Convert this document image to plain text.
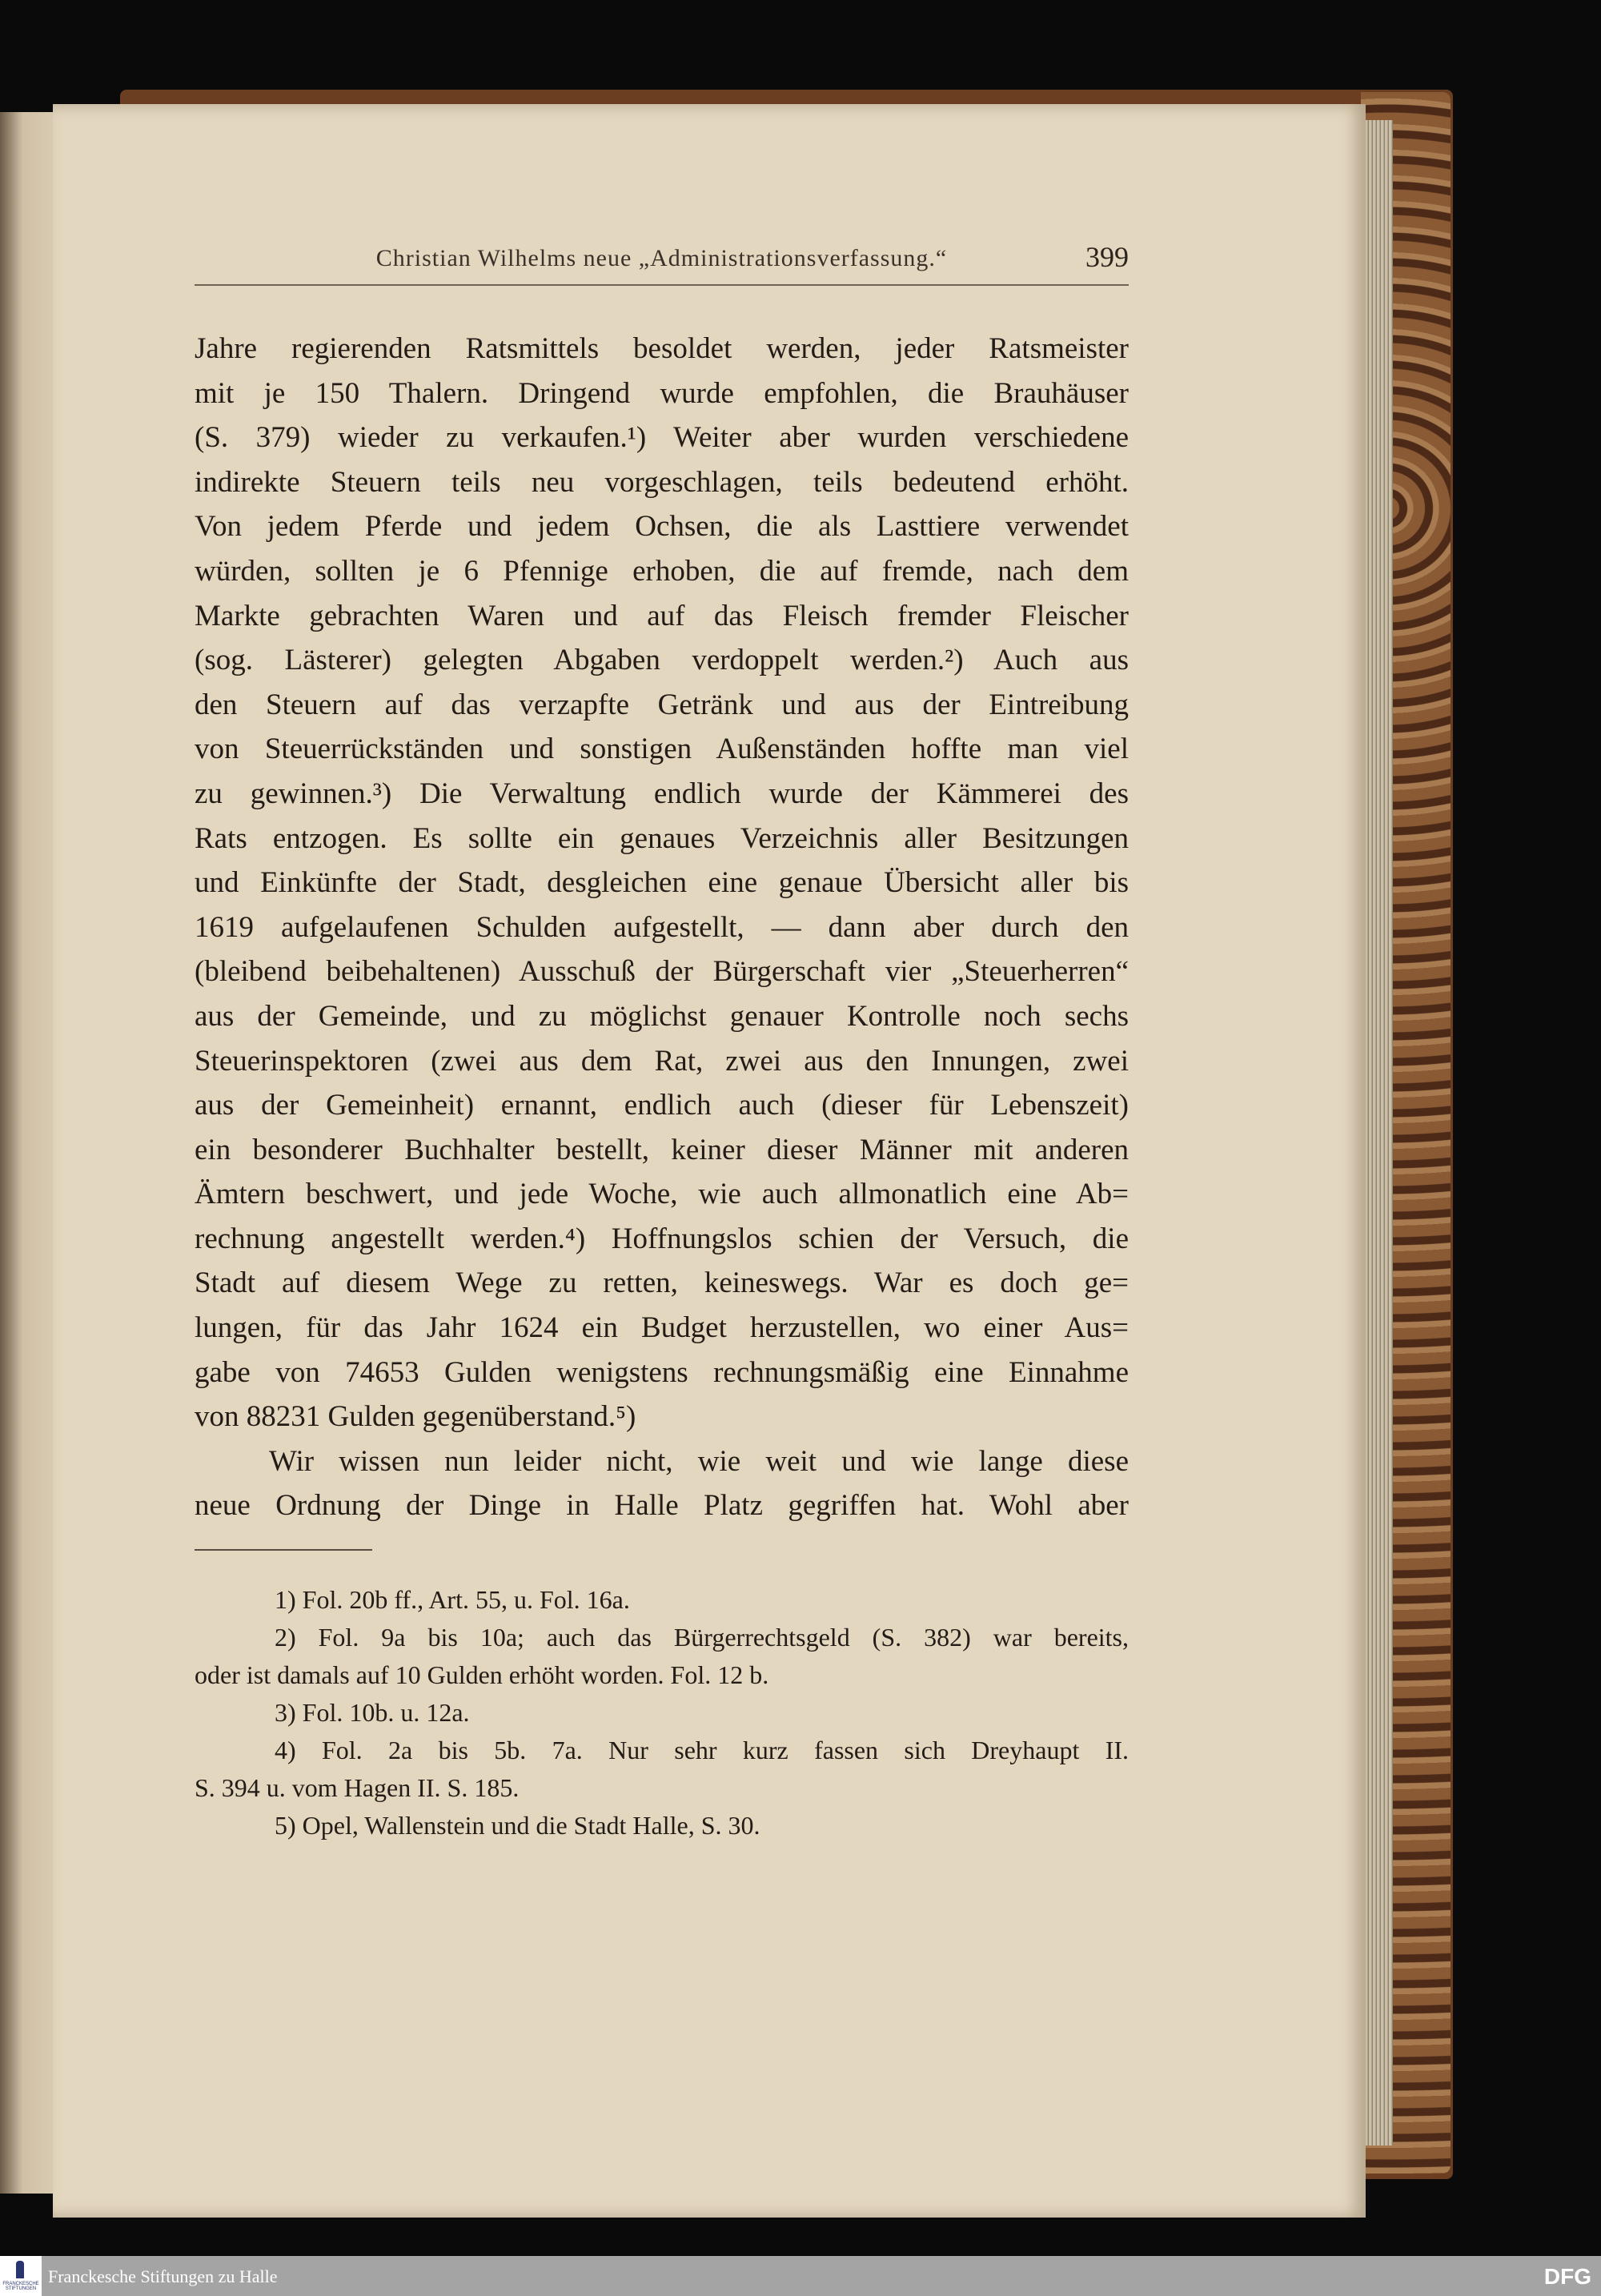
Christian Wilhelms neue „Administrationsverfassung.“	399
Jahre regierenden Ratsmittels besoldet werden, jeder Ratsmeister
mit je 150 Thalern. Dringend wurde empfohlen, die Brauhäuser
(S. 379) wieder zu verkaufen.¹) Weiter aber wurden verschiedene
indirekte Steuern teils neu vorgeschlagen, teils bedeutend erhöht.
Von jedem Pferde und jedem Ochsen, die als Lasttiere verwendet
würden, sollten je 6 Pfennige erhoben, die auf fremde, nach dem
Markte gebrachten Waren und auf das Fleisch fremder Fleischer
(sog. Lästerer) gelegten Abgaben verdoppelt werden.²) Auch aus
den Steuern auf das verzapfte Getränk und aus der Eintreibung
von Steuerrückständen und sonstigen Außenständen hoffte man viel
zu gewinnen.³) Die Verwaltung endlich wurde der Kämmerei des
Rats entzogen. Es sollte ein genaues Verzeichnis aller Besitzungen
und Einkünfte der Stadt, desgleichen eine genaue Übersicht aller bis
1619 aufgelaufenen Schulden aufgestellt, — dann aber durch den
(bleibend beibehaltenen) Ausschuß der Bürgerschaft vier „Steuerherren“
aus der Gemeinde, und zu möglichst genauer Kontrolle noch sechs
Steuerinspektoren (zwei aus dem Rat, zwei aus den Innungen, zwei
aus der Gemeinheit) ernannt, endlich auch (dieser für Lebenszeit)
ein besonderer Buchhalter bestellt, keiner dieser Männer mit anderen
Ämtern beschwert, und jede Woche, wie auch allmonatlich eine Ab=
rechnung angestellt werden.⁴) Hoffnungslos schien der Versuch, die
Stadt auf diesem Wege zu retten, keineswegs. War es doch ge=
lungen, für das Jahr 1624 ein Budget herzustellen, wo einer Aus=
gabe von 74653 Gulden wenigstens rechnungsmäßig eine Einnahme
von 88231 Gulden gegenüberstand.⁵)
Wir wissen nun leider nicht, wie weit und wie lange diese
neue Ordnung der Dinge in Halle Platz gegriffen hat. Wohl aber
1) Fol. 20b ff., Art. 55, u. Fol. 16a.
2) Fol. 9a bis 10a; auch das Bürgerrechtsgeld (S. 382) war bereits,
oder ist damals auf 10 Gulden erhöht worden. Fol. 12 b.
3) Fol. 10b. u. 12a.
4) Fol. 2a bis 5b. 7a. Nur sehr kurz fassen sich Dreyhaupt II.
S. 394 u. vom Hagen II. S. 185.
5) Opel, Wallenstein und die Stadt Halle, S. 30.
FRANCKESCHE STIFTUNGEN
Franckesche Stiftungen zu Halle	DFG
